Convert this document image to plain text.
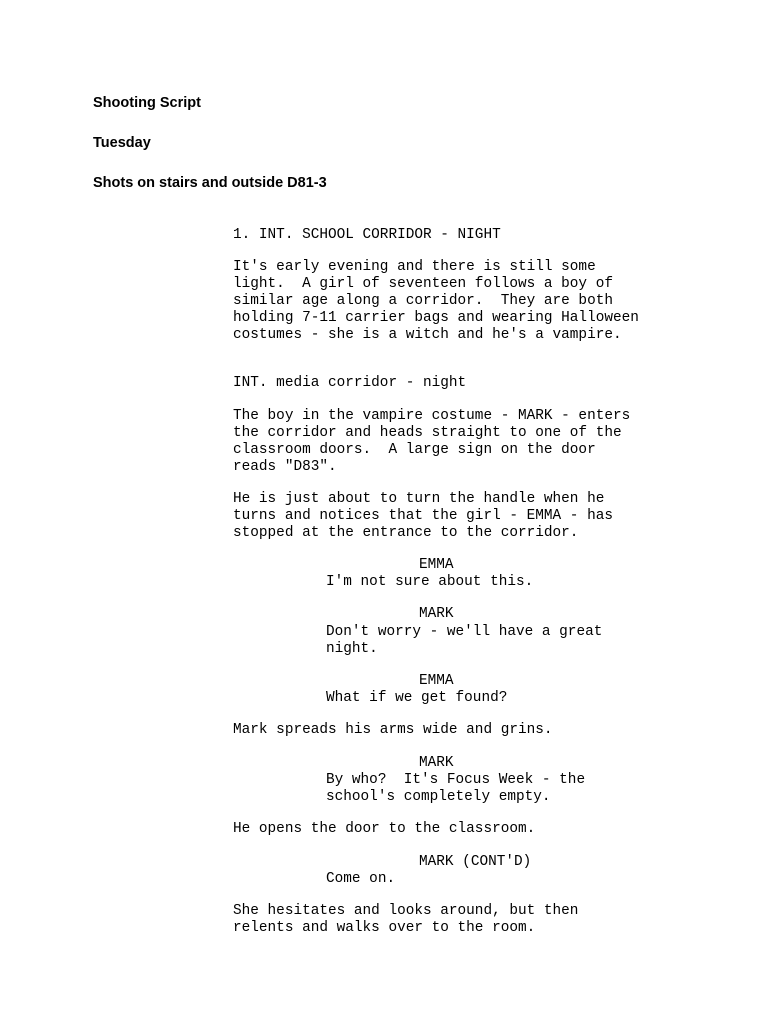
Shooting Script
Tuesday
Shots on stairs and outside D81-3

1. INT. SCHOOL CORRIDOR - NIGHT

It's early evening and there is still some

light.  A girl of seventeen follows a boy of

similar age along a corridor.  They are both

holding 7-11 carrier bags and wearing Halloween

costumes - she is a witch and he's a vampire.

INT. media corridor - night

The boy in the vampire costume - MARK - enters

the corridor and heads straight to one of the

classroom doors.  A large sign on the door

reads "D83".

He is just about to turn the handle when he

turns and notices that the girl - EMMA - has

stopped at the entrance to the corridor.

EMMA

I'm not sure about this.

MARK

Don't worry - we'll have a great

night.

EMMA

What if we get found?

Mark spreads his arms wide and grins.

MARK

By who?  It's Focus Week - the

school's completely empty.

He opens the door to the classroom.

MARK (CONT'D)

Come on.

She hesitates and looks around, but then

relents and walks over to the room.
